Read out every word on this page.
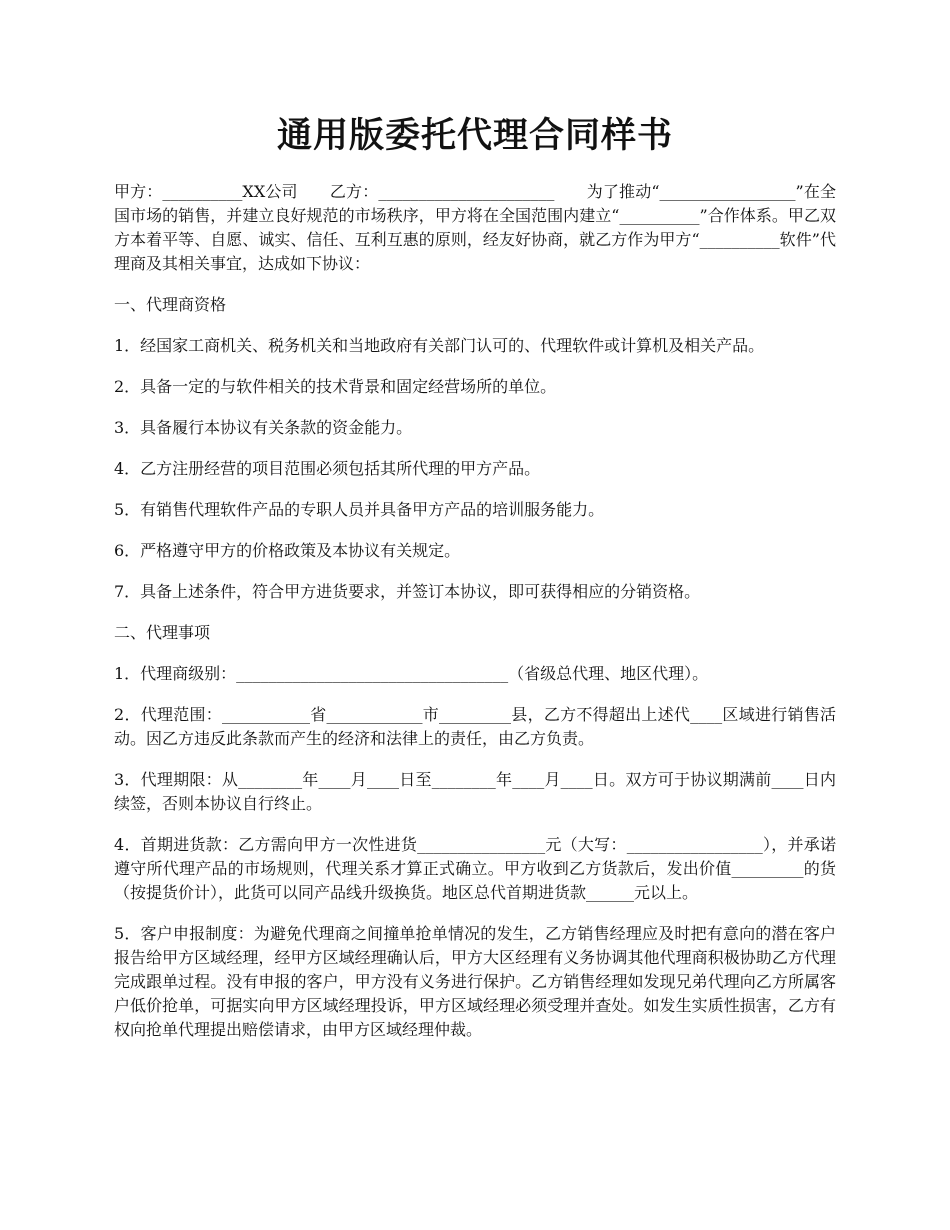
通用版委托代理合同样书

甲方：__________XX公司　　乙方：______________________　　为了推动“_________________”在全国市场的销售，并建立良好规范的市场秩序，甲方将在全国范围内建立“__________”合作体系。甲乙双方本着平等、自愿、诚实、信任、互利互惠的原则，经友好协商，就乙方作为甲方“__________软件”代理商及其相关事宜，达成如下协议：

一、代理商资格

1．经国家工商机关、税务机关和当地政府有关部门认可的、代理软件或计算机及相关产品。

2．具备一定的与软件相关的技术背景和固定经营场所的单位。

3．具备履行本协议有关条款的资金能力。

4．乙方注册经营的项目范围必须包括其所代理的甲方产品。

5．有销售代理软件产品的专职人员并具备甲方产品的培训服务能力。

6．严格遵守甲方的价格政策及本协议有关规定。

7．具备上述条件，符合甲方进货要求，并签订本协议，即可获得相应的分销资格。

二、代理事项

1．代理商级别：__________________________________（省级总代理、地区代理）。

2．代理范围：___________省____________市_________县，乙方不得超出上述代____区域进行销售活动。因乙方违反此条款而产生的经济和法律上的责任，由乙方负责。

3．代理期限：从________年____月____日至________年____月____日。双方可于协议期满前____日内续签，否则本协议自行终止。

4．首期进货款：乙方需向甲方一次性进货________________元（大写：_________________），并承诺遵守所代理产品的市场规则，代理关系才算正式确立。甲方收到乙方货款后，发出价值_________的货（按提货价计），此货可以同产品线升级换货。地区总代首期进货款______元以上。

5．客户申报制度：为避免代理商之间撞单抢单情况的发生，乙方销售经理应及时把有意向的潜在客户报告给甲方区域经理，经甲方区域经理确认后，甲方大区经理有义务协调其他代理商积极协助乙方代理完成跟单过程。没有申报的客户，甲方没有义务进行保护。乙方销售经理如发现兄弟代理向乙方所属客户低价抢单，可据实向甲方区域经理投诉，甲方区域经理必须受理并查处。如发生实质性损害，乙方有权向抢单代理提出赔偿请求，由甲方区域经理仲裁。
